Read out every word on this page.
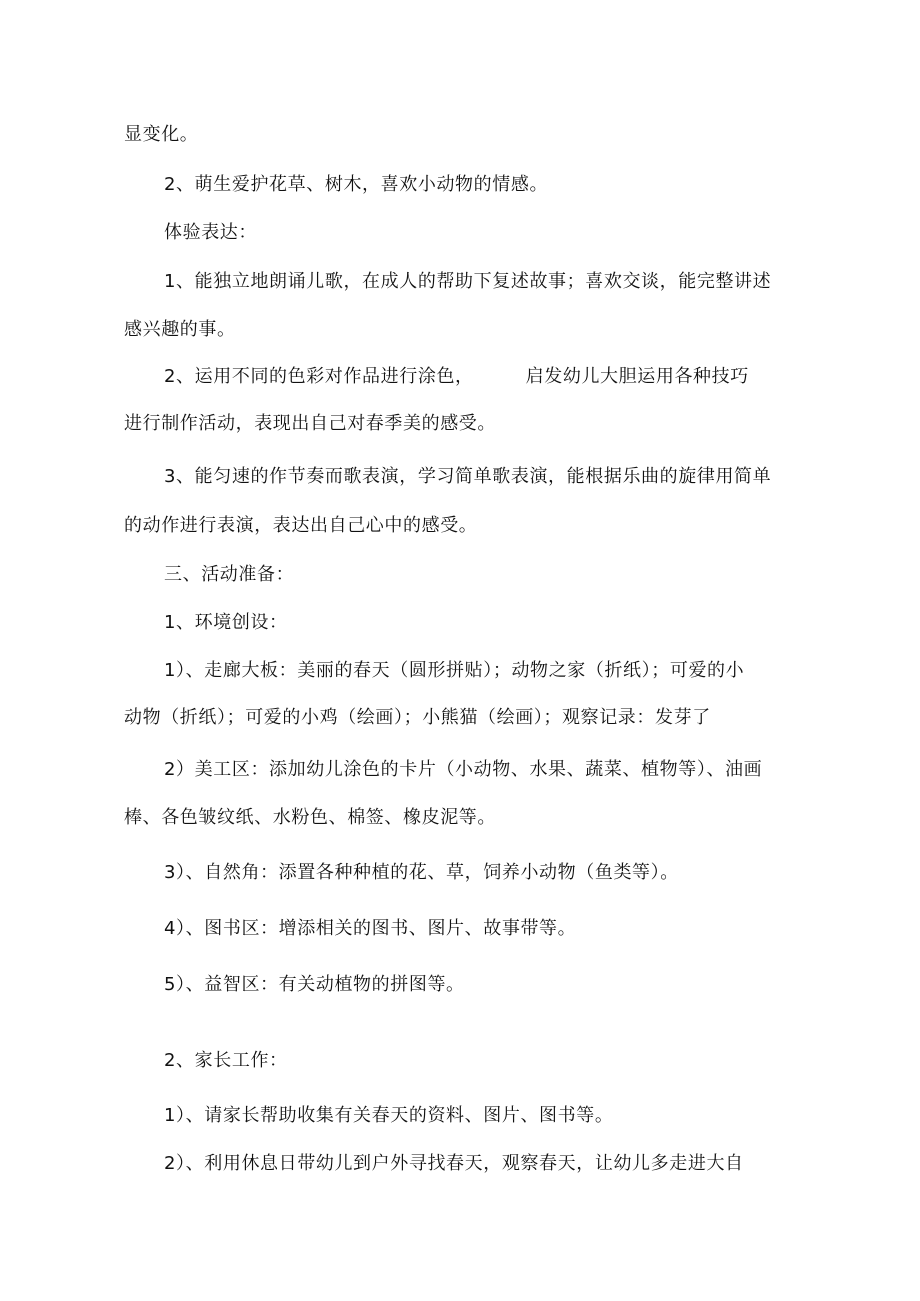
显变化。
2、萌生爱护花草、树木，喜欢小动物的情感。
体验表达：
1、能独立地朗诵儿歌，在成人的帮助下复述故事；喜欢交谈，能完整讲述
感兴趣的事。
2、运用不同的色彩对作品进行涂色，	启发幼儿大胆运用各种技巧
进行制作活动，表现出自己对春季美的感受。
3、能匀速的作节奏而歌表演，学习简单歌表演，能根据乐曲的旋律用简单
的动作进行表演，表达出自己心中的感受。
三、活动准备：
1、环境创设：
1）、走廊大板：美丽的春天（圆形拼贴）；动物之家（折纸）；可爱的小
动物（折纸）；可爱的小鸡（绘画）；小熊猫（绘画）；观察记录：发芽了
2）美工区：添加幼儿涂色的卡片（小动物、水果、蔬菜、植物等）、油画
棒、各色皱纹纸、水粉色、棉签、橡皮泥等。
3）、自然角：添置各种种植的花、草，饲养小动物（鱼类等）。
4）、图书区：增添相关的图书、图片、故事带等。
5）、益智区：有关动植物的拼图等。
2、家长工作：
1）、请家长帮助收集有关春天的资料、图片、图书等。
2）、利用休息日带幼儿到户外寻找春天，观察春天，让幼儿多走进大自
